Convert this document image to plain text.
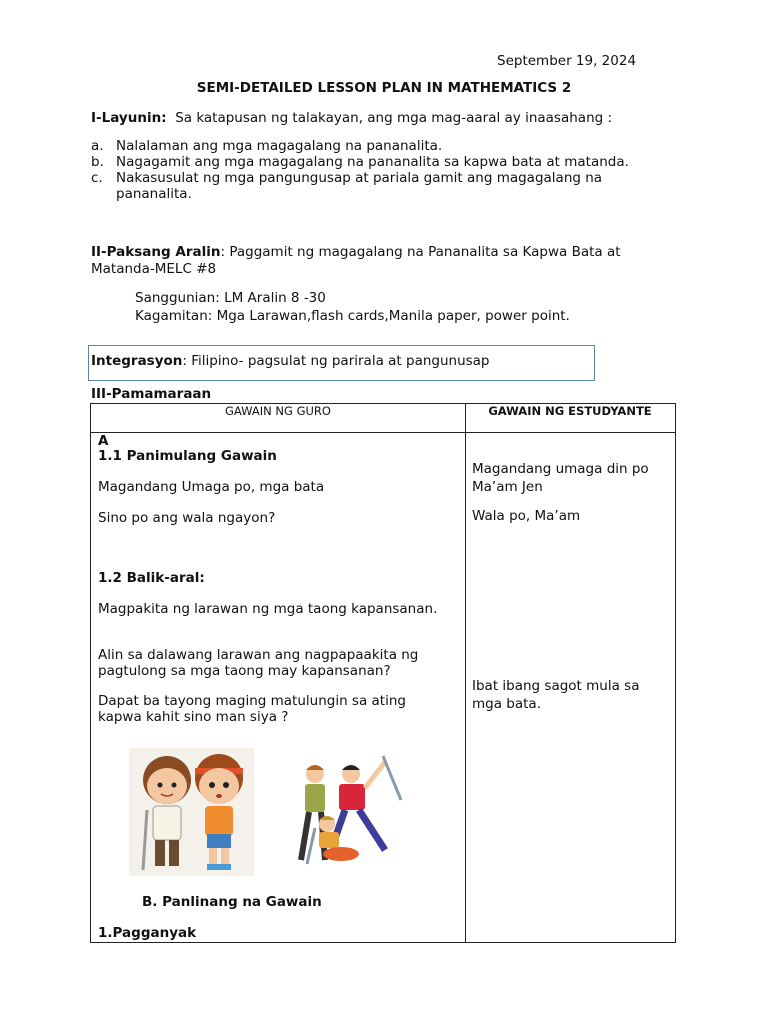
September 19, 2024
SEMI-DETAILED LESSON PLAN IN MATHEMATICS 2
I-Layunin: Sa katapusan ng talakayan, ang mga mag-aaral ay inaasahang :
a. Nalalaman ang mga magagalang na pananalita.
b. Nagagamit ang mga magagalang na pananalita sa kapwa bata at matanda.
c. Nakasusulat ng mga pangungusap at pariala gamit ang magagalang na pananalita.
II-Paksang Aralin: Paggamit ng magagalang na Pananalita sa Kapwa Bata at Matanda-MELC #8
Sanggunian: LM Aralin 8 -30
Kagamitan: Mga Larawan,flash cards,Manila paper, power point.
Integrasyon: Filipino- pagsulat ng parirala at pangunusap
III-Pamamaraan
GAWAIN NG GURO	GAWAIN NG ESTUDYANTE
A
1.1 Panimulang Gawain
Magandang Umaga po, mga bata
Sino po ang wala ngayon?
1.2 Balik-aral:
Magpakita ng larawan ng mga taong kapansanan.
Alin sa dalawang larawan ang nagpapaakita ng pagtulong sa mga taong may kapansanan?
Dapat ba tayong maging matulungin sa ating kapwa kahit sino man siya ?
B. Panlinang na Gawain
1.Pagganyak
Magandang umaga din po Ma’am Jen
Wala po, Ma’am
Ibat ibang sagot mula sa mga bata.
